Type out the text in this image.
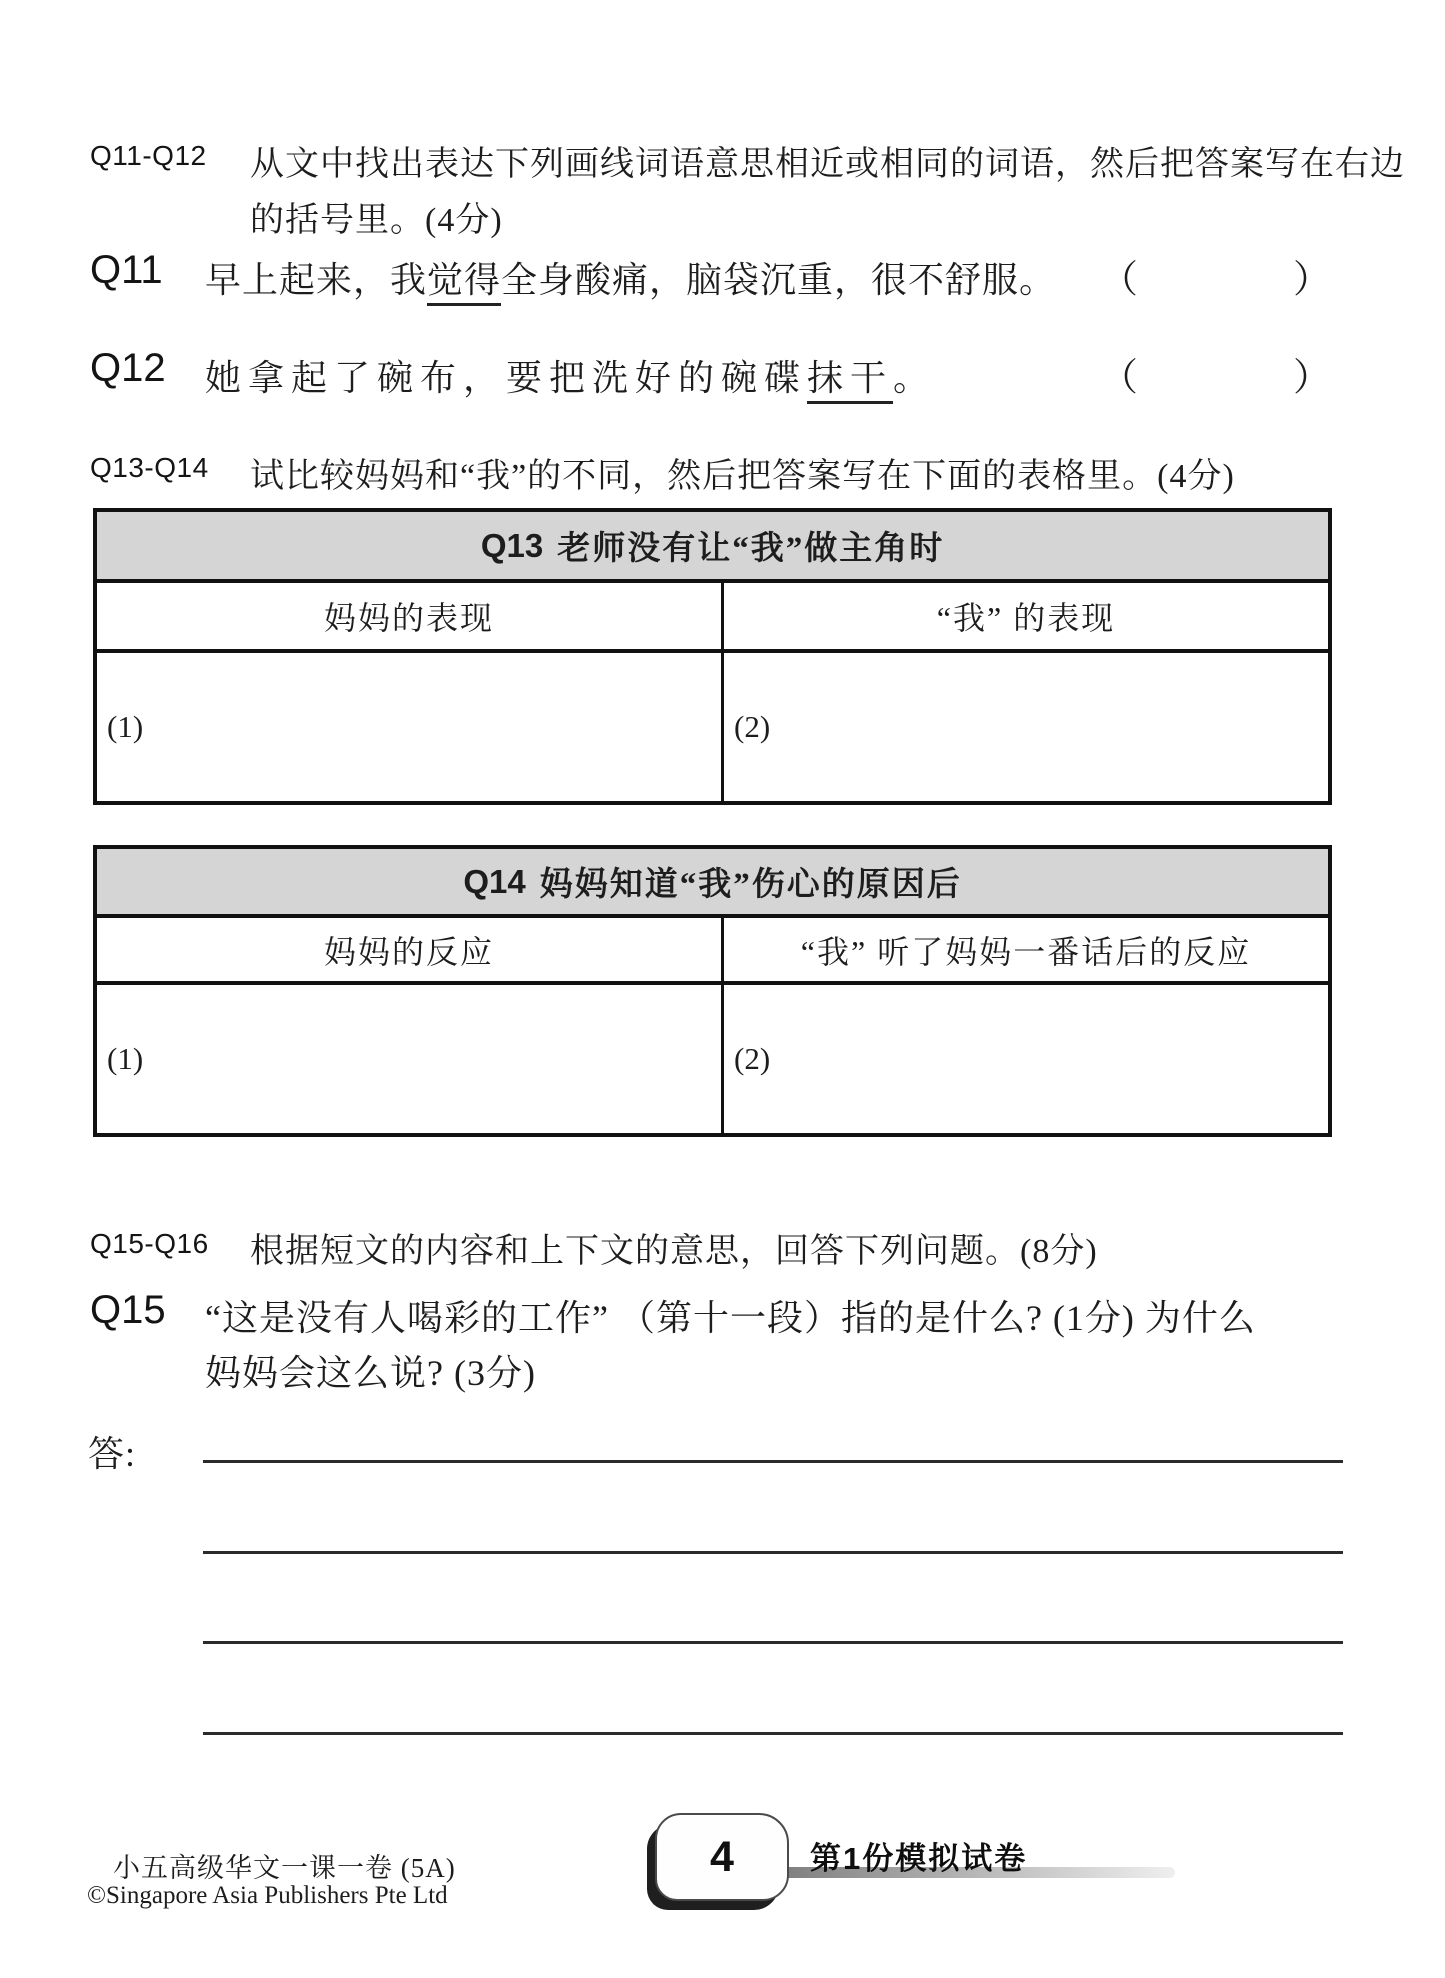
Q11-Q12 从文中找出表达下列画线词语意思相近或相同的词语，然后把答案写在右边
的括号里。(4分)
Q11 早上起来，我觉得全身酸痛，脑袋沉重，很不舒服。 （	）
Q12 她拿起了碗布，要把洗好的碗碟抹干。	（	）
Q13-Q14 试比较妈妈和“我”的不同，然后把答案写在下面的表格里。(4分)
Q13 老师没有让“我”做主角时
妈妈的表现	“我” 的表现
(1)	(2)
Q14 妈妈知道“我”伤心的原因后
妈妈的反应	“我” 听了妈妈一番话后的反应
(1)	(2)
Q15-Q16 根据短文的内容和上下文的意思，回答下列问题。(8分)
Q15 “这是没有人喝彩的工作” （第十一段）指的是什么? (1分) 为什么
妈妈会这么说? (3分)
答:
小五高级华文一课一卷 (5A)
©Singapore Asia Publishers Pte Ltd
4 第1份模拟试卷
